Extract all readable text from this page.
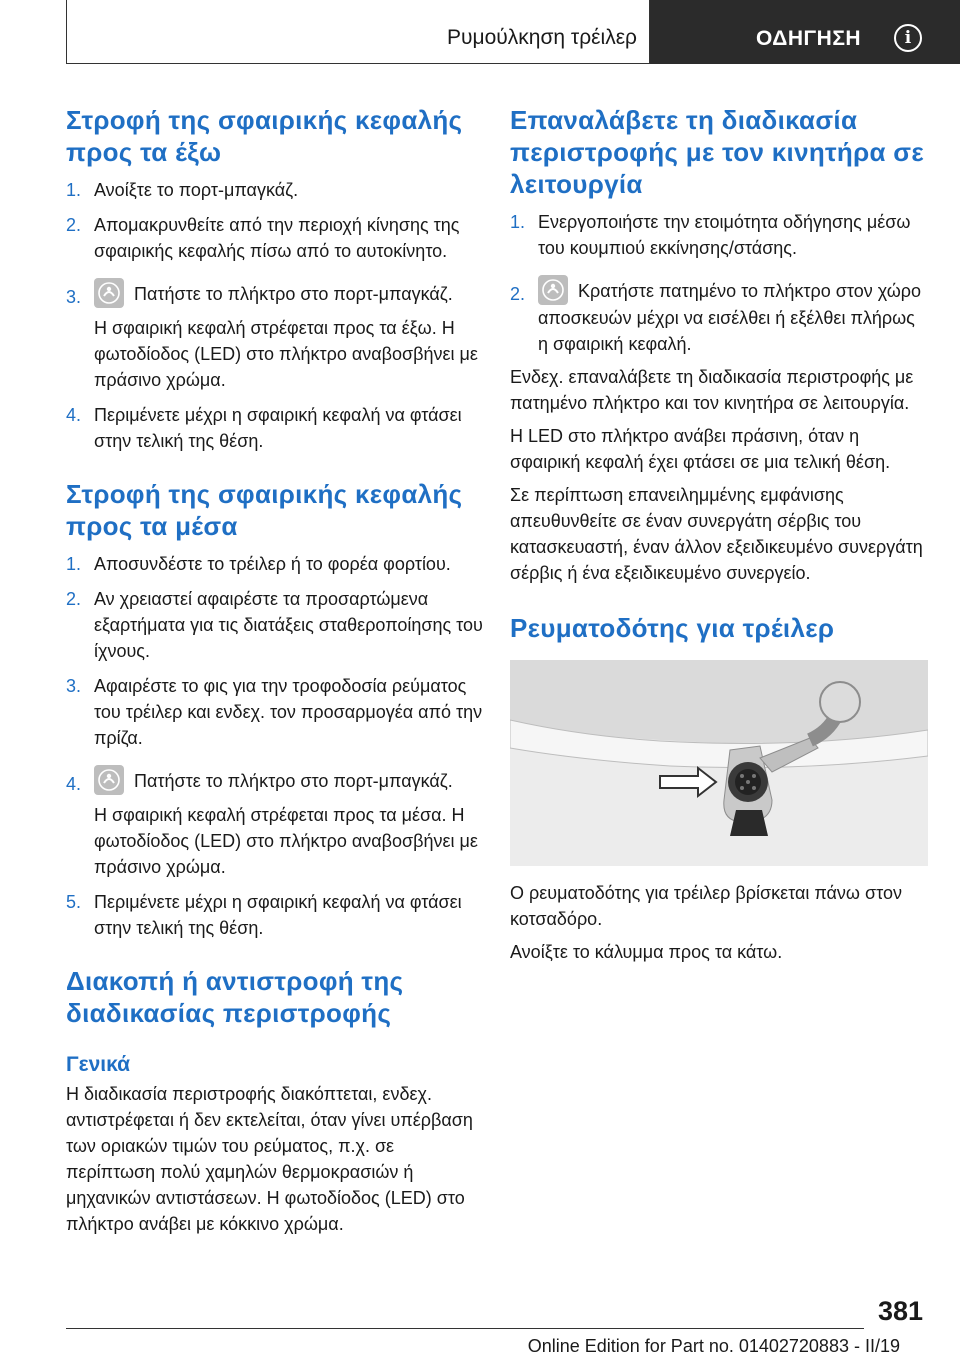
Ρυμούλκηση τρέιλερ	ΟΔΗΓΗΣΗ	i
Στροφή της σφαιρικής κεφαλής προς τα έξω
1. Ανοίξτε το πορτ-μπαγκάζ.
2. Απομακρυνθείτε από την περιοχή κίνησης της σφαιρικής κεφαλής πίσω από το αυτοκίνητο.
3.	Πατήστε το πλήκτρο στο πορτ-μπαγκάζ.
Η σφαιρική κεφαλή στρέφεται προς τα έξω. Η φωτοδίοδος (LED) στο πλήκτρο αναβοσβήνει με πράσινο χρώμα.
4. Περιμένετε μέχρι η σφαιρική κεφαλή να φτάσει στην τελική της θέση.
Στροφή της σφαιρικής κεφαλής προς τα μέσα
1. Αποσυνδέστε το τρέιλερ ή το φορέα φορτίου.
2. Αν χρειαστεί αφαιρέστε τα προσαρτώμενα εξαρτήματα για τις διατάξεις σταθεροποίησης του ίχνους.
3. Αφαιρέστε το φις για την τροφοδοσία ρεύματος του τρέιλερ και ενδεχ. τον προσαρμογέα από την πρίζα.
4.	Πατήστε το πλήκτρο στο πορτ-μπαγκάζ.
Η σφαιρική κεφαλή στρέφεται προς τα μέσα. Η φωτοδίοδος (LED) στο πλήκτρο αναβοσβήνει με πράσινο χρώμα.
5. Περιμένετε μέχρι η σφαιρική κεφαλή να φτάσει στην τελική της θέση.
Διακοπή ή αντιστροφή της διαδικασίας περιστροφής
Γενικά

Η διαδικασία περιστροφής διακόπτεται, ενδεχ. αντιστρέφεται ή δεν εκτελείται, όταν γίνει υπέρβαση των οριακών τιμών του ρεύματος, π.χ. σε περίπτωση πολύ χαμηλών θερμοκρασιών ή μηχανικών αντιστάσεων. Η φωτοδίοδος (LED) στο πλήκτρο ανάβει με κόκκινο χρώμα.

Επαναλάβετε τη διαδικασία περιστροφής με τον κινητήρα σε λειτουργία
1. Ενεργοποιήστε την ετοιμότητα οδήγησης μέσω του κουμπιού εκκίνησης/στάσης.
2.	Κρατήστε πατημένο το πλήκτρο στον χώρο αποσκευών μέχρι να εισέλθει ή εξέλθει πλήρως η σφαιρική κεφαλή.

Ενδεχ. επαναλάβετε τη διαδικασία περιστροφής με πατημένο πλήκτρο και τον κινητήρα σε λειτουργία.

Η LED στο πλήκτρο ανάβει πράσινη, όταν η σφαιρική κεφαλή έχει φτάσει σε μια τελική θέση.

Σε περίπτωση επανειλημμένης εμφάνισης απευθυνθείτε σε έναν συνεργάτη σέρβις του κατασκευαστή, έναν άλλον εξειδικευμένο συνεργάτη σέρβις ή ένα εξειδικευμένο συνεργείο.

Ρευματοδότης για τρέιλερ

Ο ρευματοδότης για τρέιλερ βρίσκεται πάνω στον κοτσαδόρο.

Ανοίξτε το κάλυμμα προς τα κάτω.

381
Online Edition for Part no. 01402720883 - II/19
